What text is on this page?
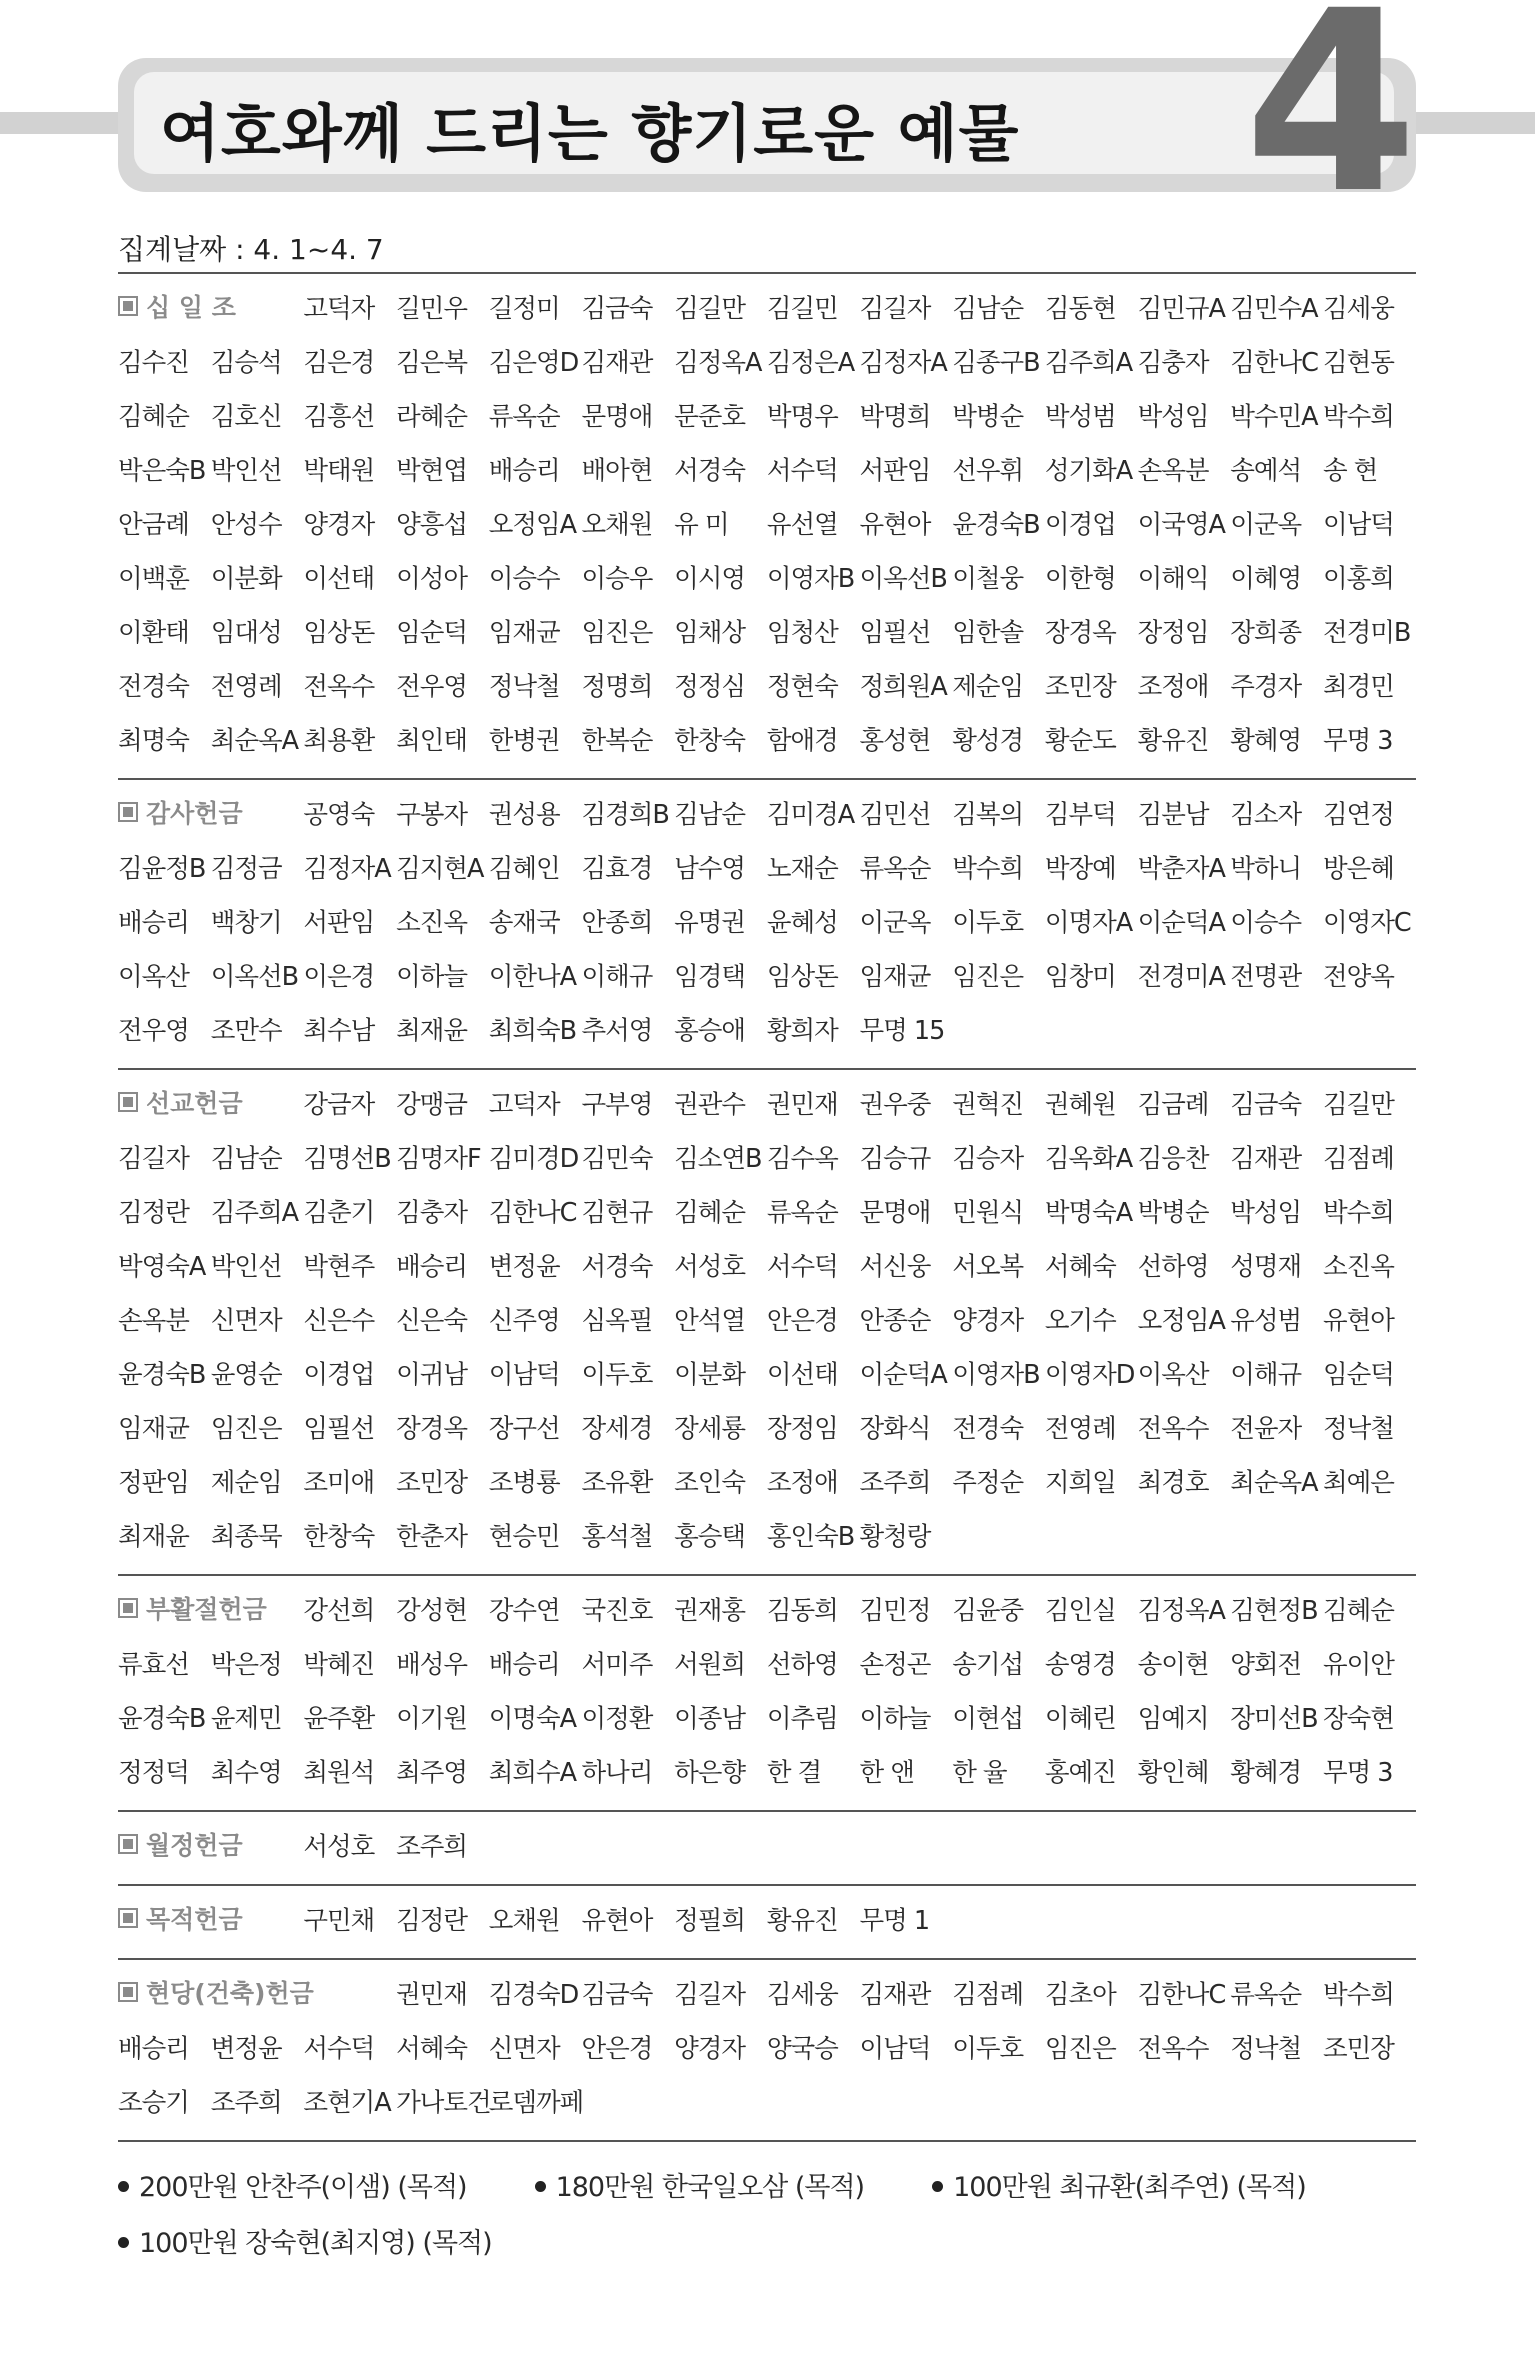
여호와께 드리는 향기로운 예물 4
집계날짜 : 4. 1~4. 7
십 일 조	고덕자 길민우 길정미 김금숙 김길만 김길민 김길자 김남순 김동현 김민규A 김민수A 김세웅
김수진 김승석 김은경 김은복 김은영D 김재관 김정옥A 김정은A 김정자A 김종구B 김주희A 김충자 김한나C 김현동
김혜순 김호신 김흥선 라혜순 류옥순 문명애 문준호 박명우 박명희 박병순 박성범 박성임 박수민A 박수희
박은숙B 박인선 박태원 박현엽 배승리 배아현 서경숙 서수덕 서판임 선우휘 성기화A 손옥분 송예석 송 현
안금례 안성수 양경자 양흥섭 오정임A 오채원 유 미	유선열 유현아 윤경숙B 이경업 이국영A 이군옥 이남덕
이백훈 이분화 이선태 이성아 이승수 이승우 이시영 이영자B 이옥선B 이철웅 이한형 이해익 이혜영 이홍희
이환태 임대성 임상돈 임순덕 임재균 임진은 임채상 임청산 임필선 임한솔 장경옥 장정임 장희종 전경미B
전경숙 전영례 전옥수 전우영 정낙철 정명희 정정심 정현숙 정희원A 제순임 조민장 조정애 주경자 최경민
최명숙 최순옥A 최용환 최인태 한병권 한복순 한창숙 함애경 홍성현 황성경 황순도 황유진 황혜영 무명 3
감사헌금	공영숙 구봉자 권성용 김경희B 김남순 김미경A 김민선 김복의 김부덕 김분남 김소자 김연정
김윤정B 김정금 김정자A 김지현A 김혜인 김효경 남수영 노재순 류옥순 박수희 박장예 박춘자A 박하니 방은혜
배승리 백창기 서판임 소진옥 송재국 안종희 유명권 윤혜성 이군옥 이두호 이명자A 이순덕A 이승수 이영자C
이옥산 이옥선B 이은경 이하늘 이한나A 이해규 임경택 임상돈 임재균 임진은 임창미 전경미A 전명관 전양옥
전우영 조만수 최수남 최재윤 최희숙B 추서영 홍승애 황희자 무명 15
선교헌금	강금자 강맹금 고덕자 구부영 권관수 권민재 권우중 권혁진 권혜원 김금례 김금숙 김길만
김길자 김남순 김명선B 김명자F 김미경D 김민숙 김소연B 김수옥 김승규 김승자 김옥화A 김응찬 김재관 김점례
김정란 김주희A 김춘기 김충자 김한나C 김현규 김혜순 류옥순 문명애 민원식 박명숙A 박병순 박성임 박수희
박영숙A 박인선 박현주 배승리 변정윤 서경숙 서성호 서수덕 서신웅 서오복 서혜숙 선하영 성명재 소진옥
손옥분 신면자 신은수 신은숙 신주영 심옥필 안석열 안은경 안종순 양경자 오기수 오정임A 유성범 유현아
윤경숙B 윤영순 이경업 이귀남 이남덕 이두호 이분화 이선태 이순덕A 이영자B 이영자D 이옥산 이해규 임순덕
임재균 임진은 임필선 장경옥 장구선 장세경 장세룡 장정임 장화식 전경숙 전영례 전옥수 전윤자 정낙철
정판임 제순임 조미애 조민장 조병룡 조유환 조인숙 조정애 조주희 주정순 지희일 최경호 최순옥A 최예은
최재윤 최종묵 한창숙 한춘자 현승민 홍석철 홍승택 홍인숙B 황청랑
부활절헌금	강선희 강성현 강수연 국진호 권재홍 김동희 김민정 김윤중 김인실 김정옥A 김현정B 김혜순
류효선 박은정 박혜진 배성우 배승리 서미주 서원희 선하영 손정곤 송기섭 송영경 송이현 양회전 유이안
윤경숙B 윤제민 윤주환 이기원 이명숙A 이정환 이종남 이추림 이하늘 이현섭 이혜린 임예지 장미선B 장숙현
정정덕 최수영 최원석 최주영 최희수A 하나리 하은향 한 결	한 앤	한 율	홍예진 황인혜 황혜경 무명 3
월정헌금	서성호 조주희
목적헌금	구민채 김정란 오채원 유현아 정필희 황유진 무명 1
현당(건축)헌금	권민재 김경숙D 김금숙 김길자 김세웅 김재관 김점례 김초아 김한나C 류옥순 박수희
배승리 변정윤 서수덕 서혜숙 신면자 안은경 양경자 양국승 이남덕 이두호 임진은 전옥수 정낙철 조민장
조승기 조주희 조현기A 가나토건
로뎀까페
200만원 안찬주(이샘) (목적)	180만원 한국일오삼 (목적)	100만원 최규환(최주연) (목적)
100만원 장숙현(최지영) (목적)
